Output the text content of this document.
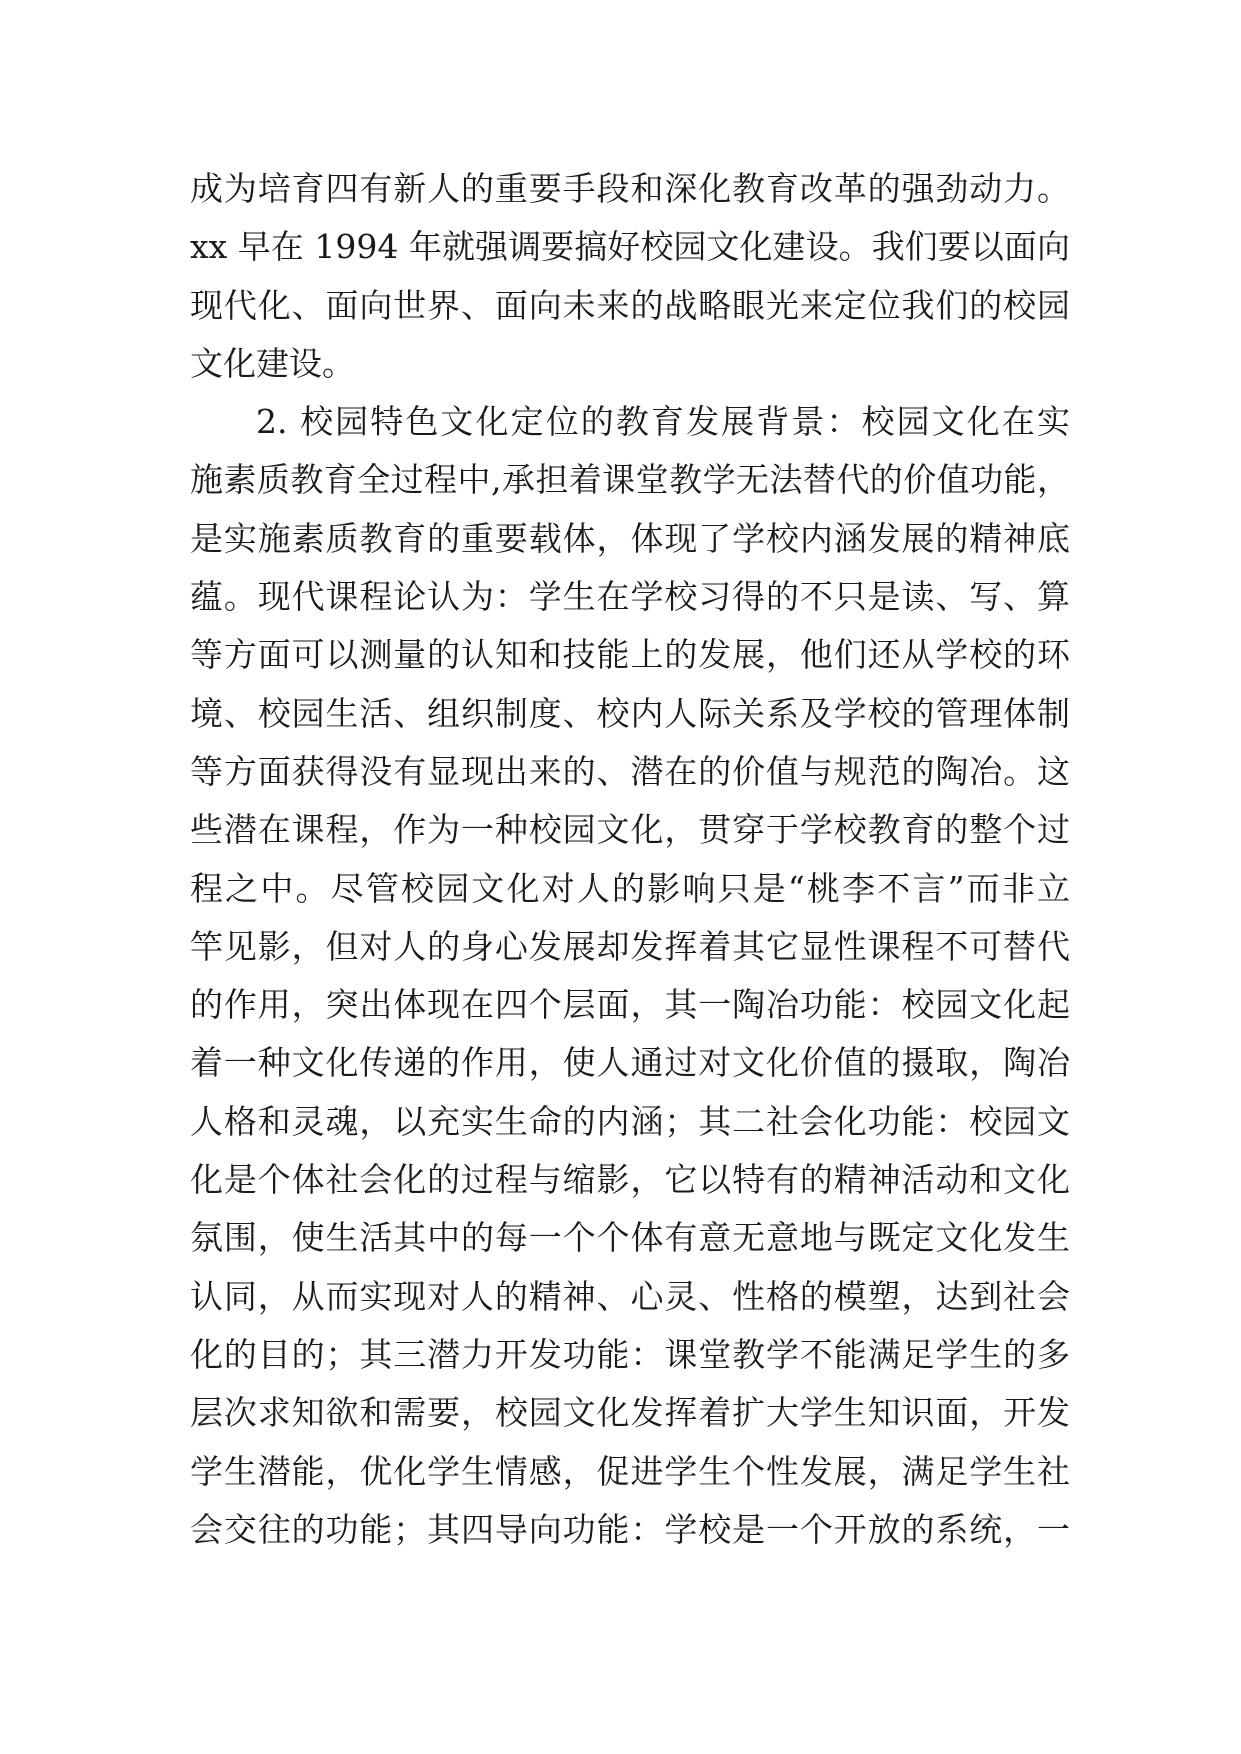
成为培育四有新人的重要手段和深化教育改革的强劲动力。
xx 早在 1994 年就强调要搞好校园文化建设。我们要以面向
现代化、面向世界、面向未来的战略眼光来定位我们的校园
文化建设。
2. 校园特色文化定位的教育发展背景：校园文化在实
施素质教育全过程中,承担着课堂教学无法替代的价值功能，
是实施素质教育的重要载体，体现了学校内涵发展的精神底
蕴。现代课程论认为：学生在学校习得的不只是读、写、算
等方面可以测量的认知和技能上的发展，他们还从学校的环
境、校园生活、组织制度、校内人际关系及学校的管理体制
等方面获得没有显现出来的、潜在的价值与规范的陶冶。这
些潜在课程，作为一种校园文化，贯穿于学校教育的整个过
程之中。尽管校园文化对人的影响只是“桃李不言”而非立
竿见影，但对人的身心发展却发挥着其它显性课程不可替代
的作用，突出体现在四个层面，其一陶冶功能：校园文化起
着一种文化传递的作用，使人通过对文化价值的摄取，陶冶
人格和灵魂，以充实生命的内涵；其二社会化功能：校园文
化是个体社会化的过程与缩影，它以特有的精神活动和文化
氛围，使生活其中的每一个个体有意无意地与既定文化发生
认同，从而实现对人的精神、心灵、性格的模塑，达到社会
化的目的；其三潜力开发功能：课堂教学不能满足学生的多
层次求知欲和需要，校园文化发挥着扩大学生知识面，开发
学生潜能，优化学生情感，促进学生个性发展，满足学生社
会交往的功能；其四导向功能：学校是一个开放的系统，一
